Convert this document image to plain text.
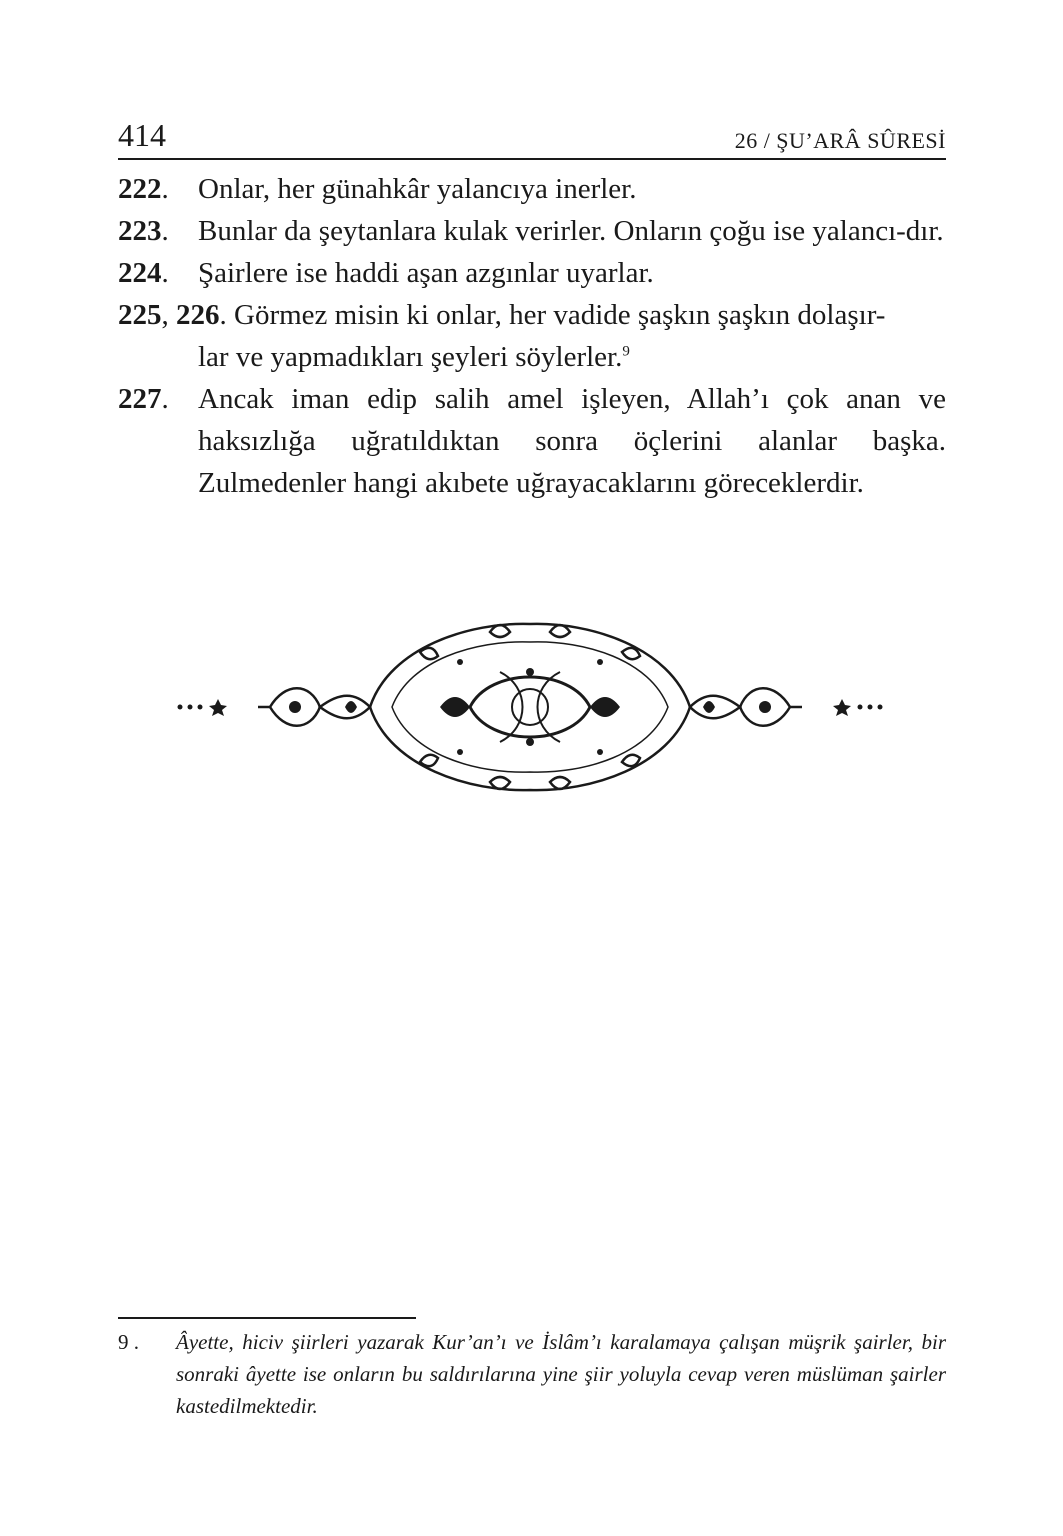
414	26 / ŞU’ARÂ SÛRESİ

222. Onlar, her günahkâr yalancıya inerler.

223. Bunlar da şeytanlara kulak verirler. Onların çoğu ise yalancı-dır.

224. Şairlere ise haddi aşan azgınlar uyarlar.

225, 226. Görmez misin ki onlar, her vadide şaşkın şaşkın dolaşır-
lar ve yapmadıkları şeyleri söylerler.$^9$

227. Ancak iman edip salih amel işleyen, Allah’ı çok anan ve haksızlığa uğratıldıktan sonra öçlerini alanlar başka. Zulmedenler hangi akıbete uğrayacaklarını göreceklerdir.

9 . Âyette, hiciv şiirleri yazarak Kur’an’ı ve İslâm’ı karalamaya çalışan müşrik şairler, bir sonraki âyette ise onların bu saldırılarına yine şiir yoluyla cevap veren müslüman şairler kastedilmektedir.
